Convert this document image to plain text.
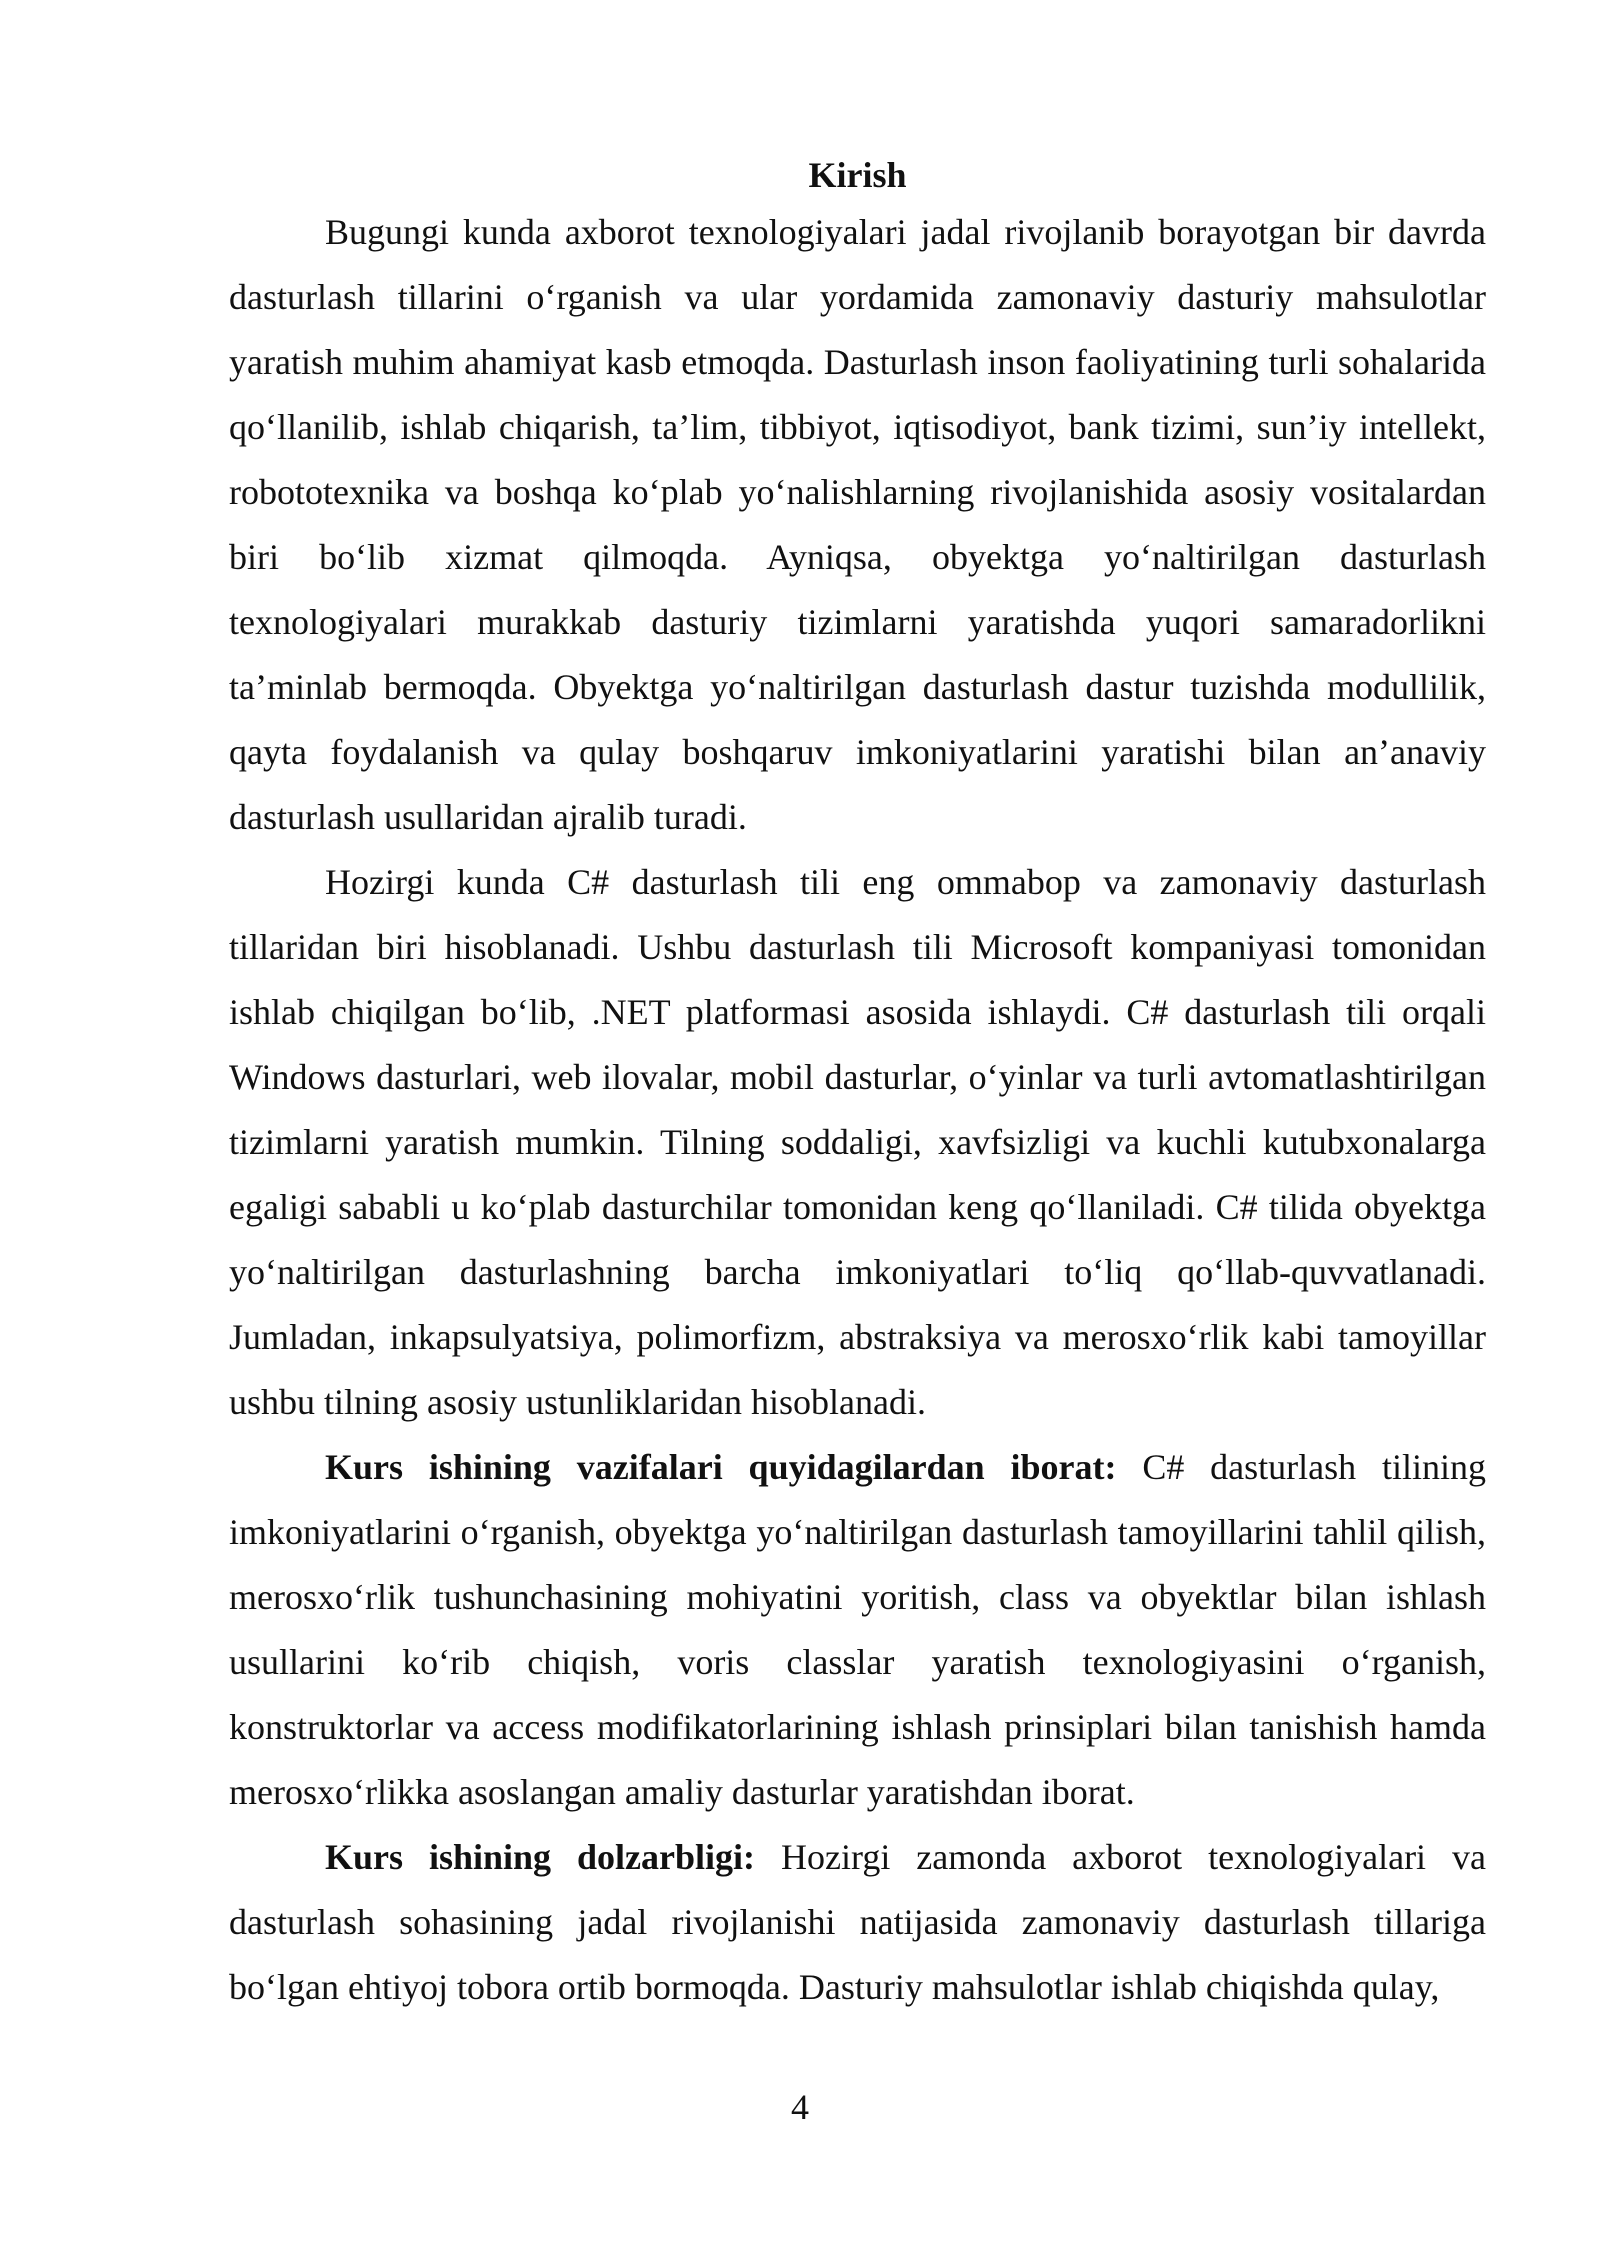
Kirish

Bugungi kunda axborot texnologiyalari jadal rivojlanib borayotgan bir davrda dasturlash tillarini o‘rganish va ular yordamida zamonaviy dasturiy mahsulotlar yaratish muhim ahamiyat kasb etmoqda. Dasturlash inson faoliyatining turli sohalarida qo‘llanilib, ishlab chiqarish, ta’lim, tibbiyot, iqtisodiyot, bank tizimi, sun’iy intellekt, robototexnika va boshqa ko‘plab yo‘nalishlarning rivojlanishida asosiy vositalardan biri bo‘lib xizmat qilmoqda. Ayniqsa, obyektga yo‘naltirilgan dasturlash texnologiyalari murakkab dasturiy tizimlarni yaratishda yuqori samaradorlikni ta’minlab bermoqda. Obyektga yo‘naltirilgan dasturlash dastur tuzishda modullilik, qayta foydalanish va qulay boshqaruv imkoniyatlarini yaratishi bilan an’anaviy dasturlash usullaridan ajralib turadi.

Hozirgi kunda C# dasturlash tili eng ommabop va zamonaviy dasturlash tillaridan biri hisoblanadi. Ushbu dasturlash tili Microsoft kompaniyasi tomonidan ishlab chiqilgan bo‘lib, .NET platformasi asosida ishlaydi. C# dasturlash tili orqali Windows dasturlari, web ilovalar, mobil dasturlar, o‘yinlar va turli avtomatlashtirilgan tizimlarni yaratish mumkin. Tilning soddaligi, xavfsizligi va kuchli kutubxonalarga egaligi sababli u ko‘plab dasturchilar tomonidan keng qo‘llaniladi. C# tilida obyektga yo‘naltirilgan dasturlashning barcha imkoniyatlari to‘liq qo‘llab-quvvatlanadi. Jumladan, inkapsulyatsiya, polimorfizm, abstraksiya va merosxo‘rlik kabi tamoyillar ushbu tilning asosiy ustunliklaridan hisoblanadi.

Kurs ishining vazifalari quyidagilardan iborat: C# dasturlash tilining imkoniyatlarini o‘rganish, obyektga yo‘naltirilgan dasturlash tamoyillarini tahlil qilish, merosxo‘rlik tushunchasining mohiyatini yoritish, class va obyektlar bilan ishlash usullarini ko‘rib chiqish, voris classlar yaratish texnologiyasini o‘rganish, konstruktorlar va access modifikatorlarining ishlash prinsiplari bilan tanishish hamda merosxo‘rlikka asoslangan amaliy dasturlar yaratishdan iborat.

Kurs ishining dolzarbligi: Hozirgi zamonda axborot texnologiyalari va dasturlash sohasining jadal rivojlanishi natijasida zamonaviy dasturlash tillariga bo‘lgan ehtiyoj tobora ortib bormoqda. Dasturiy mahsulotlar ishlab chiqishda qulay,

4
